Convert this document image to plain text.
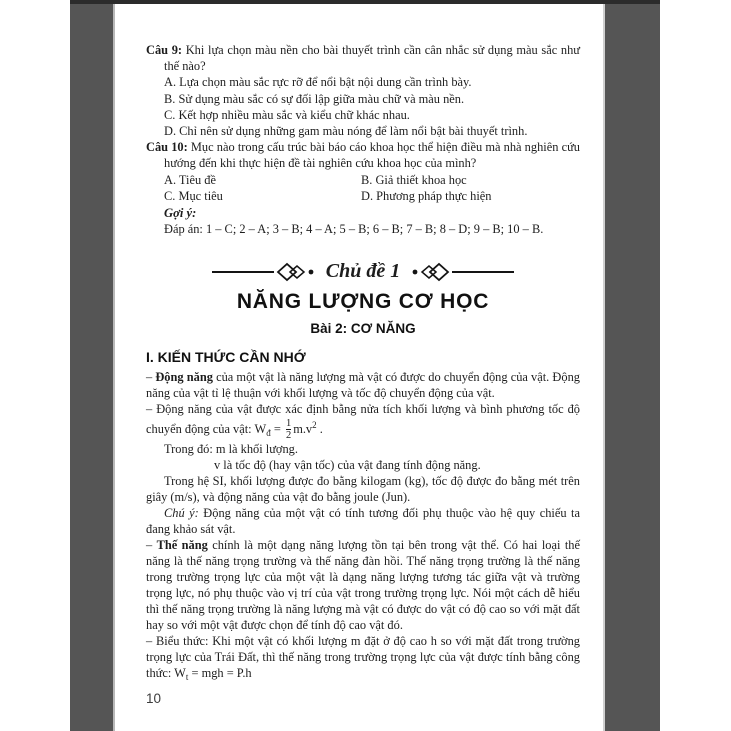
Câu 9: Khi lựa chọn màu nền cho bài thuyết trình cần cân nhắc sử dụng màu sắc như thế nào?
A. Lựa chọn màu sắc rực rỡ để nổi bật nội dung cần trình bày.
B. Sử dụng màu sắc có sự đối lập giữa màu chữ và màu nền.
C. Kết hợp nhiều màu sắc và kiểu chữ khác nhau.
D. Chỉ nên sử dụng những gam màu nóng để làm nổi bật bài thuyết trình.
Câu 10: Mục nào trong cấu trúc bài báo cáo khoa học thể hiện điều mà nhà nghiên cứu hướng đến khi thực hiện đề tài nghiên cứu khoa học của mình?
A. Tiêu đề
C. Mục tiêu
B. Giả thiết khoa học
D. Phương pháp thực hiện
Gợi ý:
Đáp án: 1 – C; 2 – A; 3 – B; 4 – A; 5 – B; 6 – B; 7 – B; 8 – D; 9 – B; 10 – B.
Chủ đề 1
NĂNG LƯỢNG CƠ HỌC
Bài 2: CƠ NĂNG
I. KIẾN THỨC CẦN NHỚ
– Động năng của một vật là năng lượng mà vật có được do chuyển động của vật. Động năng của vật tỉ lệ thuận với khối lượng và tốc độ chuyển động của vật.
– Động năng của vật được xác định bằng nửa tích khối lượng và bình phương tốc độ chuyển động của vật: $W_đ = \frac{1}{2} m.v^2$ .
Trong đó: m là khối lượng.
v là tốc độ (hay vận tốc) của vật đang tính động năng.
Trong hệ SI, khối lượng được đo bằng kilogam (kg), tốc độ được đo bằng mét trên giây (m/s), và động năng của vật đo bằng joule (Jun).
Chú ý: Động năng của một vật có tính tương đối phụ thuộc vào hệ quy chiếu ta đang khảo sát vật.
– Thế năng chính là một dạng năng lượng tồn tại bên trong vật thể. Có hai loại thế năng là thế năng trọng trường và thế năng đàn hồi. Thế năng trọng trường là thế năng trong trường trọng lực của một vật là dạng năng lượng tương tác giữa vật và trường trọng lực, nó phụ thuộc vào vị trí của vật trong trường trọng lực. Nói một cách dễ hiểu thì thế năng trọng trường là năng lượng mà vật có được do vật có độ cao so với mặt đất hay so với một vật được chọn để tính độ cao vật đó.
– Biểu thức: Khi một vật có khối lượng m đặt ở độ cao h so với mặt đất trong trường trọng lực của Trái Đất, thì thế năng trong trường trọng lực của vật được tính bằng công thức: $W_t$ = mgh = P.h
10
